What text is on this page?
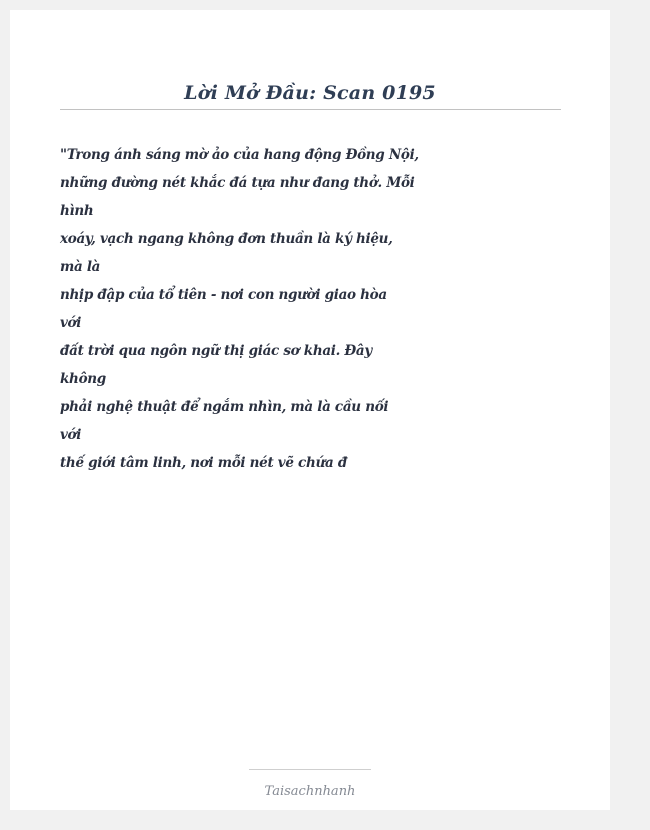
Lời Mở Đầu: Scan 0195
"Trong ánh sáng mờ ảo của hang động Đồng Nội,
những đường nét khắc đá tựa như đang thở. Mỗi
hình
xoáy, vạch ngang không đơn thuần là ký hiệu,
mà là
nhịp đập của tổ tiên - nơi con người giao hòa
với
đất trời qua ngôn ngữ thị giác sơ khai. Đây
không
phải nghệ thuật để ngắm nhìn, mà là cầu nối
với
thế giới tâm linh, nơi mỗi nét vẽ chứa đ
Taisachnhanh
